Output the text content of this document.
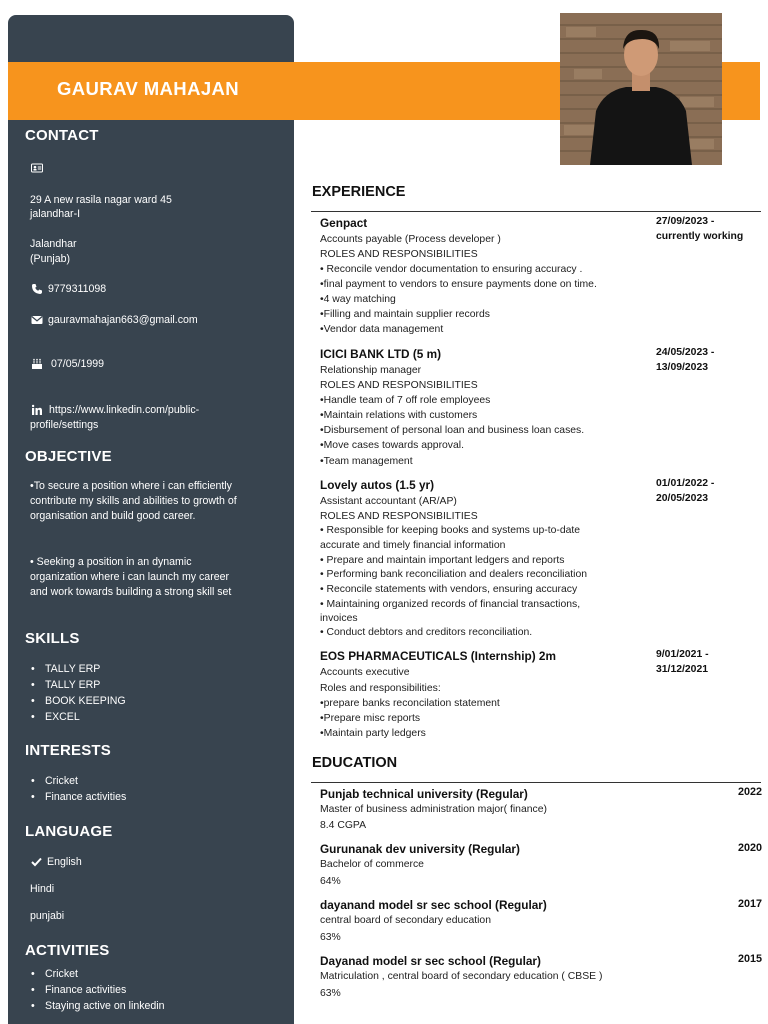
GAURAV MAHAJAN
CONTACT
29 A new rasila nagar ward 45
jalandhar-I
Jalandhar
(Punjab)
9779311098
gauravmahajan663@gmail.com
07/05/1999
https://www.linkedin.com/public-
profile/settings
OBJECTIVE
•To secure a position where i can efficiently
contribute my skills and abilities to growth of
organisation and build good career.
• Seeking a position in an dynamic
organization where i can launch my career
and work towards building a strong skill set
SKILLS
• TALLY ERP
• TALLY ERP
• BOOK KEEPING
• EXCEL
INTERESTS
• Cricket
• Finance activities
LANGUAGE
English
Hindi
punjabi
ACTIVITIES
• Cricket
• Finance activities
• Staying active on linkedin
EXPERIENCE
Genpact	27/09/2023 -
currently working
Accounts payable (Process developer )
ROLES AND RESPONSIBILITIES
• Reconcile vendor documentation to ensuring accuracy .
•final payment to vendors to ensure payments done on time.
•4 way matching
•Filling and maintain supplier records
•Vendor data management
ICICI BANK LTD (5 m)	24/05/2023 -
13/09/2023
Relationship manager
ROLES AND RESPONSIBILITIES
•Handle team of 7 off role employees
•Maintain relations with customers
•Disbursement of personal loan and business loan cases.
•Move cases towards approval.
•Team management
Lovely autos (1.5 yr)	01/01/2022 -
20/05/2023
Assistant accountant (AR/AP)
ROLES AND RESPONSIBILITIES
• Responsible for keeping books and systems up-to-date
accurate and timely financial information
• Prepare and maintain important ledgers and reports
• Performing bank reconciliation and dealers reconciliation
• Reconcile statements with vendors, ensuring accuracy
• Maintaining organized records of financial transactions,
invoices
• Conduct debtors and creditors reconciliation.
EOS PHARMACEUTICALS (Internship) 2m	9/01/2021 -
31/12/2021
Accounts executive
Roles and responsibilities:
•prepare banks reconcilation statement
•Prepare misc reports
•Maintain party ledgers
EDUCATION
Punjab technical university (Regular)	2022
Master of business administration major( finance)
8.4 CGPA
Gurunanak dev university (Regular)	2020
Bachelor of commerce
64%
dayanand model sr sec school (Regular)	2017
central board of secondary education
63%
Dayanad model sr sec school (Regular)	2015
Matriculation , central board of secondary education ( CBSE )
63%
